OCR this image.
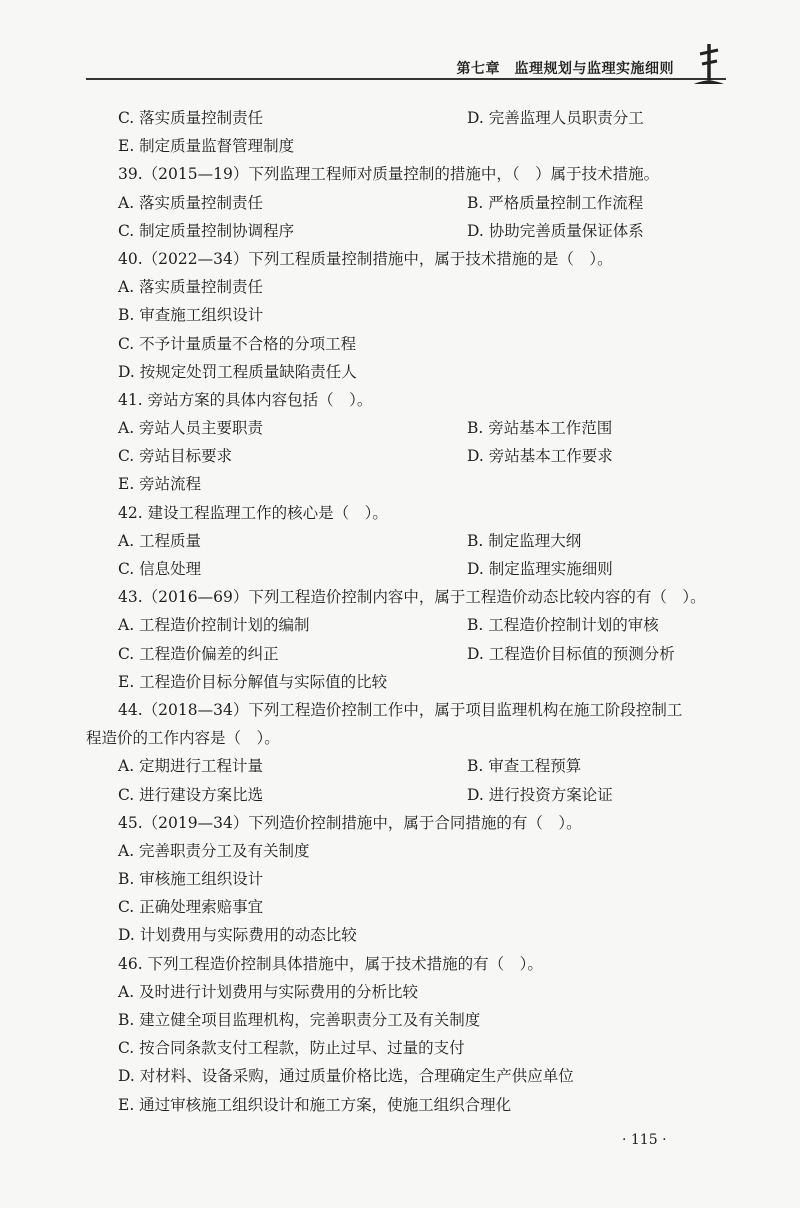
第七章　监理规划与监理实施细则
C. 落实质量控制责任	D. 完善监理人员职责分工
E. 制定质量监督管理制度
39.（2015—19）下列监理工程师对质量控制的措施中，（　）属于技术措施。
A. 落实质量控制责任	B. 严格质量控制工作流程
C. 制定质量控制协调程序	D. 协助完善质量保证体系
40.（2022—34）下列工程质量控制措施中，属于技术措施的是（　）。
A. 落实质量控制责任
B. 审查施工组织设计
C. 不予计量质量不合格的分项工程
D. 按规定处罚工程质量缺陷责任人
41. 旁站方案的具体内容包括（　）。
A. 旁站人员主要职责	B. 旁站基本工作范围
C. 旁站目标要求	D. 旁站基本工作要求
E. 旁站流程
42. 建设工程监理工作的核心是（　）。
A. 工程质量	B. 制定监理大纲
C. 信息处理	D. 制定监理实施细则
43.（2016—69）下列工程造价控制内容中，属于工程造价动态比较内容的有（　）。
A. 工程造价控制计划的编制	B. 工程造价控制计划的审核
C. 工程造价偏差的纠正	D. 工程造价目标值的预测分析
E. 工程造价目标分解值与实际值的比较
44.（2018—34）下列工程造价控制工作中，属于项目监理机构在施工阶段控制工
程造价的工作内容是（　）。
A. 定期进行工程计量	B. 审查工程预算
C. 进行建设方案比选	D. 进行投资方案论证
45.（2019—34）下列造价控制措施中，属于合同措施的有（　）。
A. 完善职责分工及有关制度
B. 审核施工组织设计
C. 正确处理索赔事宜
D. 计划费用与实际费用的动态比较
46. 下列工程造价控制具体措施中，属于技术措施的有（　）。
A. 及时进行计划费用与实际费用的分析比较
B. 建立健全项目监理机构，完善职责分工及有关制度
C. 按合同条款支付工程款，防止过早、过量的支付
D. 对材料、设备采购，通过质量价格比选，合理确定生产供应单位
E. 通过审核施工组织设计和施工方案，使施工组织合理化
· 115 ·
